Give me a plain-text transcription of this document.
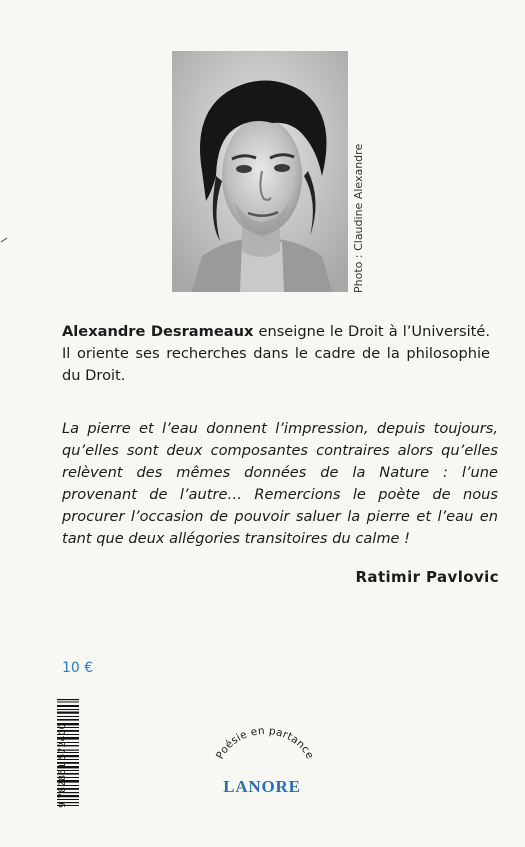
Photo : Claudine Alexandre
Alexandre Desrameaux enseigne le Droit à l’Université. Il oriente ses recherches dans le cadre de la philosophie du Droit.
La pierre et l’eau donnent l’impression, depuis toujours, qu’elles sont deux composantes contraires alors qu’elles relèvent des mêmes données de la Nature : l’une provenant de l’autre… Remercions le poète de nous procurer l’occasion de pouvoir saluer la pierre et l’eau en tant que deux allégories transitoires du calme !
Ratimir Pavlovic
10 €
9 782851 572400	Poésie en partance
LANORE
